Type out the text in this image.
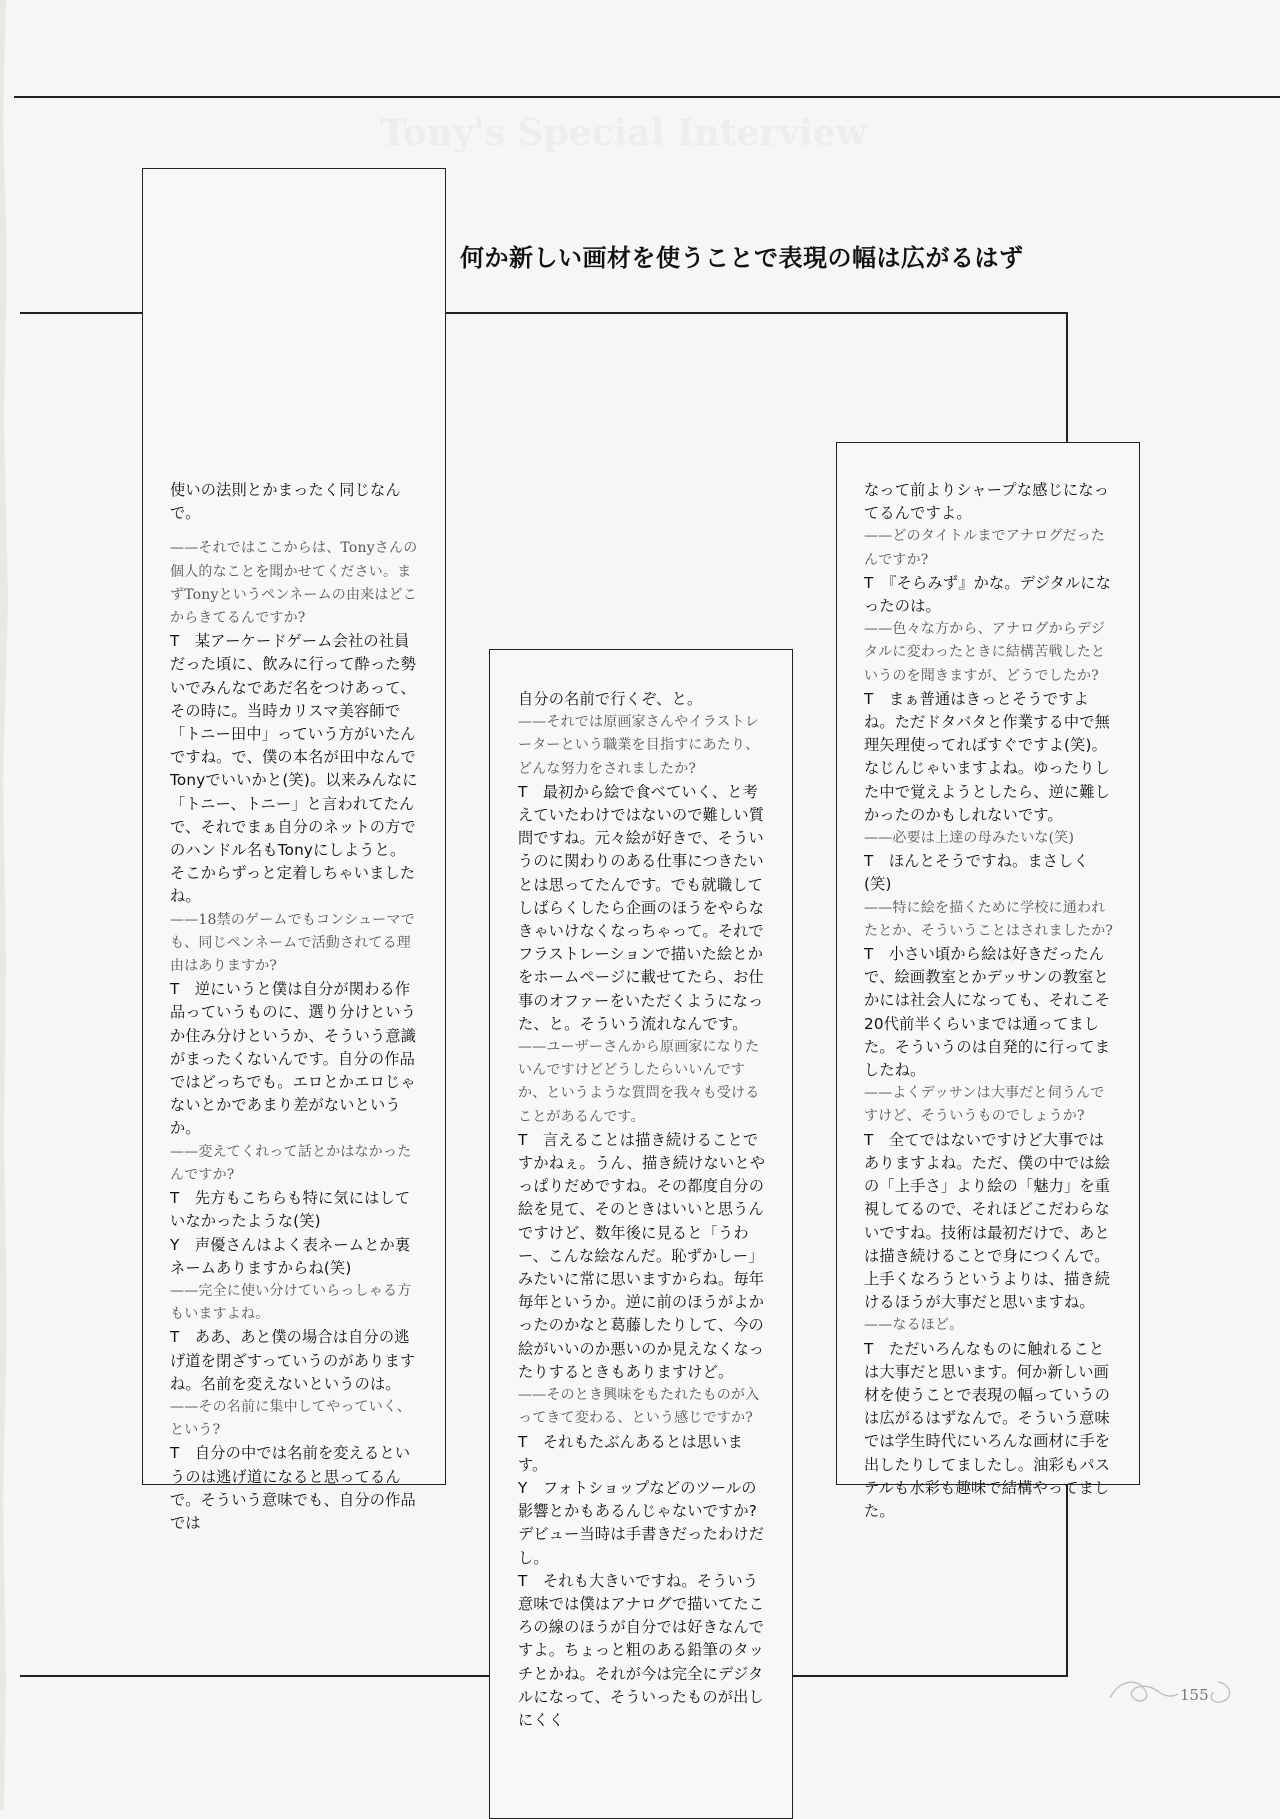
何か新しい画材を使うことで表現の幅は広がるはず

使いの法則とかまったく同じなんで。

——それではここからは、Tonyさんの個人的なことを聞かせてください。まずTonyというペンネームの由来はどこからきてるんですか?

T　某アーケードゲーム会社の社員だった頃に、飲みに行って酔った勢いでみんなであだ名をつけあって、その時に。当時カリスマ美容師で「トニー田中」っていう方がいたんですね。で、僕の本名が田中なんでTonyでいいかと(笑)。以来みんなに「トニー、トニー」と言われてたんで、それでまぁ自分のネットの方でのハンドル名もTonyにしようと。そこからずっと定着しちゃいましたね。

——18禁のゲームでもコンシューマでも、同じペンネームで活動されてる理由はありますか?

T　逆にいうと僕は自分が関わる作品っていうものに、選り分けというか住み分けというか、そういう意識がまったくないんです。自分の作品ではどっちでも。エロとかエロじゃないとかであまり差がないというか。

——変えてくれって話とかはなかったんですか?

T　先方もこちらも特に気にはしていなかったような(笑)

Y　声優さんはよく表ネームとか裏ネームありますからね(笑)

——完全に使い分けていらっしゃる方もいますよね。

T　ああ、あと僕の場合は自分の逃げ道を閉ざすっていうのがありますね。名前を変えないというのは。

——その名前に集中してやっていく、という?

T　自分の中では名前を変えるというのは逃げ道になると思ってるんで。そういう意味でも、自分の作品では

自分の名前で行くぞ、と。

——それでは原画家さんやイラストレーターという職業を目指すにあたり、どんな努力をされましたか?

T　最初から絵で食べていく、と考えていたわけではないので難しい質問ですね。元々絵が好きで、そういうのに関わりのある仕事につきたいとは思ってたんです。でも就職してしばらくしたら企画のほうをやらなきゃいけなくなっちゃって。それでフラストレーションで描いた絵とかをホームページに載せてたら、お仕事のオファーをいただくようになった、と。そういう流れなんです。

——ユーザーさんから原画家になりたいんですけどどうしたらいいんですか、というような質問を我々も受けることがあるんです。

T　言えることは描き続けることですかねぇ。うん、描き続けないとやっぱりだめですね。その都度自分の絵を見て、そのときはいいと思うんですけど、数年後に見ると「うわー、こんな絵なんだ。恥ずかしー」みたいに常に思いますからね。毎年毎年というか。逆に前のほうがよかったのかなと葛藤したりして、今の絵がいいのか悪いのか見えなくなったりするときもありますけど。

——そのとき興味をもたれたものが入ってきて変わる、という感じですか?

T　それもたぶんあるとは思います。

Y　フォトショップなどのツールの影響とかもあるんじゃないですか?　デビュー当時は手書きだったわけだし。

T　それも大きいですね。そういう意味では僕はアナログで描いてたころの線のほうが自分では好きなんですよ。ちょっと粗のある鉛筆のタッチとかね。それが今は完全にデジタルになって、そういったものが出しにくく

なって前よりシャープな感じになってるんですよ。

——どのタイトルまでアナログだったんですか?

T　『そらみず』かな。デジタルになったのは。

——色々な方から、アナログからデジタルに変わったときに結構苦戦したというのを聞きますが、どうでしたか?

T　まぁ普通はきっとそうですよね。ただドタバタと作業する中で無理矢理使ってればすぐですよ(笑)。なじんじゃいますよね。ゆったりした中で覚えようとしたら、逆に難しかったのかもしれないです。

——必要は上達の母みたいな(笑)

T　ほんとそうですね。まさしく(笑)

——特に絵を描くために学校に通われたとか、そういうことはされましたか?

T　小さい頃から絵は好きだったんで、絵画教室とかデッサンの教室とかには社会人になっても、それこそ20代前半くらいまでは通ってました。そういうのは自発的に行ってましたね。

——よくデッサンは大事だと伺うんですけど、そういうものでしょうか?

T　全てではないですけど大事ではありますよね。ただ、僕の中では絵の「上手さ」より絵の「魅力」を重視してるので、それほどこだわらないですね。技術は最初だけで、あとは描き続けることで身につくんで。上手くなろうというよりは、描き続けるほうが大事だと思いますね。

——なるほど。

T　ただいろんなものに触れることは大事だと思います。何か新しい画材を使うことで表現の幅っていうのは広がるはずなんで。そういう意味では学生時代にいろんな画材に手を出したりしてましたし。油彩もパステルも水彩も趣味で結構やってました。

155
